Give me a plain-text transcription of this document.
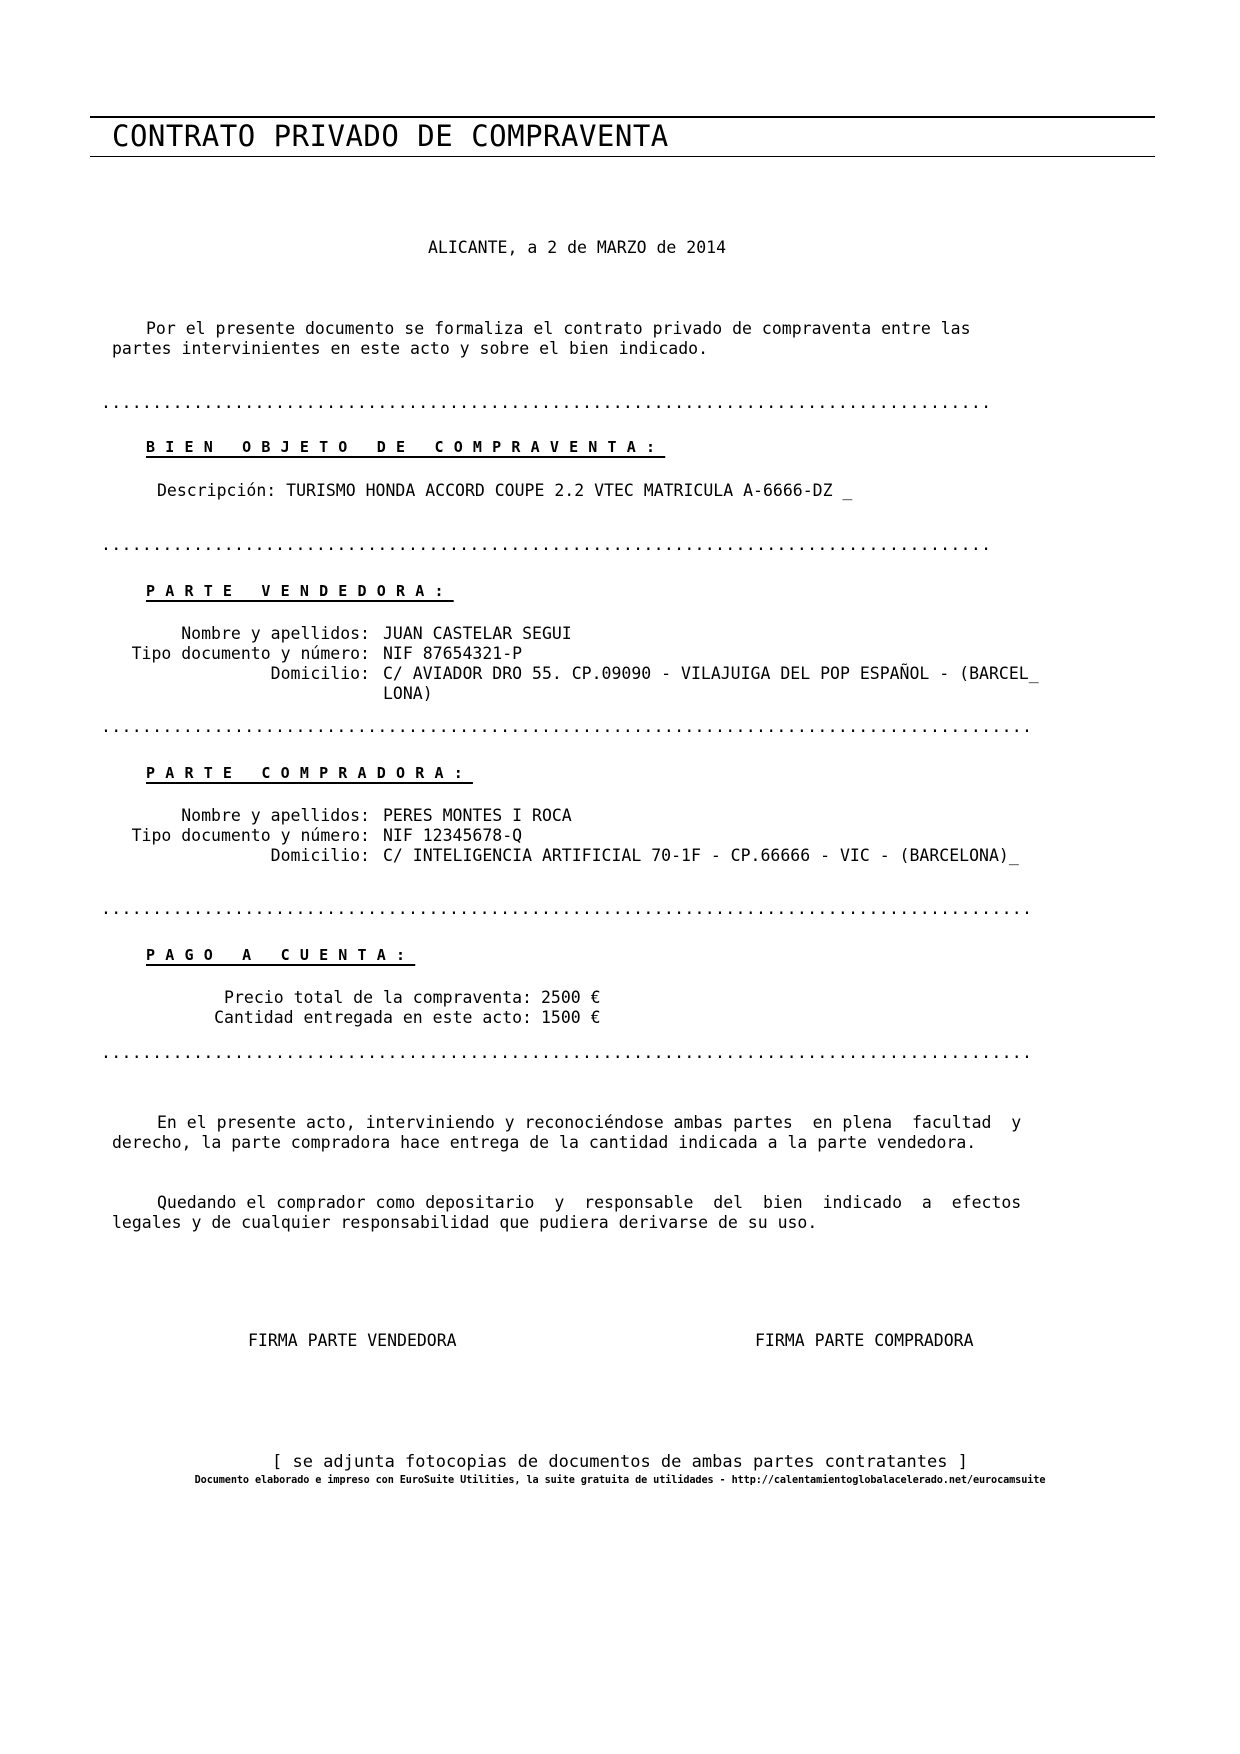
CONTRATO PRIVADO DE COMPRAVENTA
ALICANTE, a 2 de MARZO de 2014
Por el presente documento se formaliza el contrato privado de compraventa entre las
partes intervinientes en este acto y sobre el bien indicado.
.......................................................................................
BIEN OBJETO DE COMPRAVENTA:
Descripción: TURISMO HONDA ACCORD COUPE 2.2 VTEC MATRICULA A-6666-DZ _
.......................................................................................
PARTE VENDEDORA:
Nombre y apellidos: JUAN CASTELAR SEGUI
Tipo documento y número: NIF 87654321-P
Domicilio: C/ AVIADOR DRO 55. CP.09090 - VILAJUIGA DEL POP ESPAÑOL - (BARCEL_
LONA)
...........................................................................................
PARTE COMPRADORA:
Nombre y apellidos: PERES MONTES I ROCA
Tipo documento y número: NIF 12345678-Q
Domicilio: C/ INTELIGENCIA ARTIFICIAL 70-1F - CP.66666 - VIC - (BARCELONA)_
...........................................................................................
PAGO A CUENTA:
Precio total de la compraventa: 2500 €
Cantidad entregada en este acto: 1500 €
...........................................................................................
En el presente acto, interviniendo y reconociéndose ambas partes  en plena  facultad  y
derecho, la parte compradora hace entrega de la cantidad indicada a la parte vendedora.
Quedando el comprador como depositario  y  responsable  del  bien  indicado  a  efectos
legales y de cualquier responsabilidad que pudiera derivarse de su uso.
FIRMA PARTE VENDEDORA	FIRMA PARTE COMPRADORA
[ se adjunta fotocopias de documentos de ambas partes contratantes ]
Documento elaborado e impreso con EuroSuite Utilities, la suite gratuita de utilidades - http://calentamientoglobalacelerado.net/eurocamsuite
